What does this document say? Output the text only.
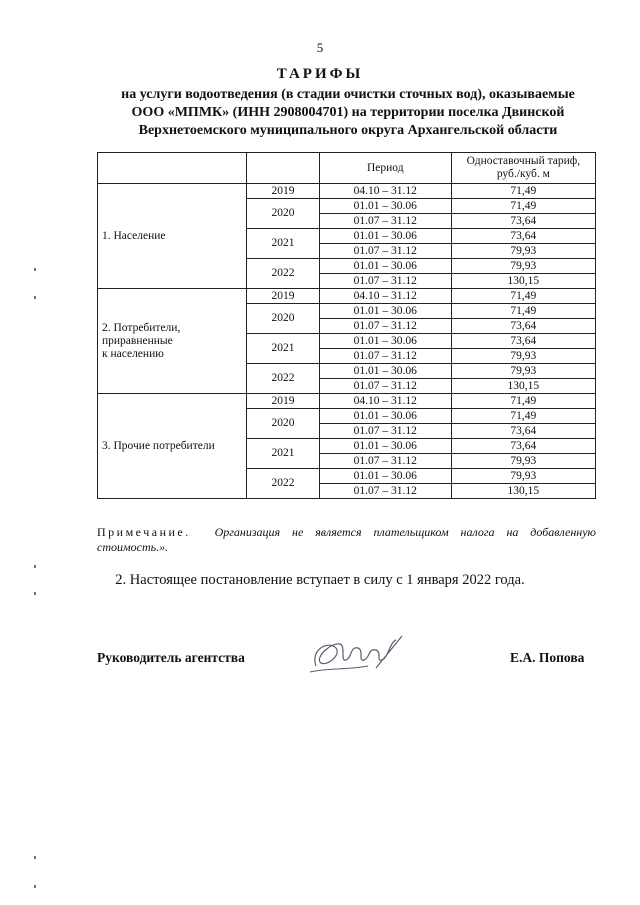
5
ТАРИФЫ
на услуги водоотведения (в стадии очистки сточных вод), оказываемые
ООО «МПМК» (ИНН 2908004701) на территории поселка Двинской
Верхнетоемского муниципального округа Архангельской области
		Период	Одноставочный тариф,
руб./куб. м

1. Население	2019	04.10 – 31.12	71,49
	2020	01.01 – 30.06	71,49
		01.07 – 31.12	73,64
	2021	01.01 – 30.06	73,64
		01.07 – 31.12	79,93
	2022	01.01 – 30.06	79,93
		01.07 – 31.12	130,15

2. Потребители,
приравненные
к населению	2019	04.10 – 31.12	71,49
	2020	01.01 – 30.06	71,49
		01.07 – 31.12	73,64
	2021	01.01 – 30.06	73,64
		01.07 – 31.12	79,93
	2022	01.01 – 30.06	79,93
		01.07 – 31.12	130,15

3. Прочие потребители	2019	04.10 – 31.12	71,49
	2020	01.01 – 30.06	71,49
		01.07 – 31.12	73,64
	2021	01.01 – 30.06	73,64
		01.07 – 31.12	79,93
	2022	01.01 – 30.06	79,93
		01.07 – 31.12	130,15
Примечание. Организация не является плательщиком налога на добавленную стоимость.».
2. Настоящее постановление вступает в силу с 1 января 2022 года.
Руководитель агентства	Е.А. Попова
